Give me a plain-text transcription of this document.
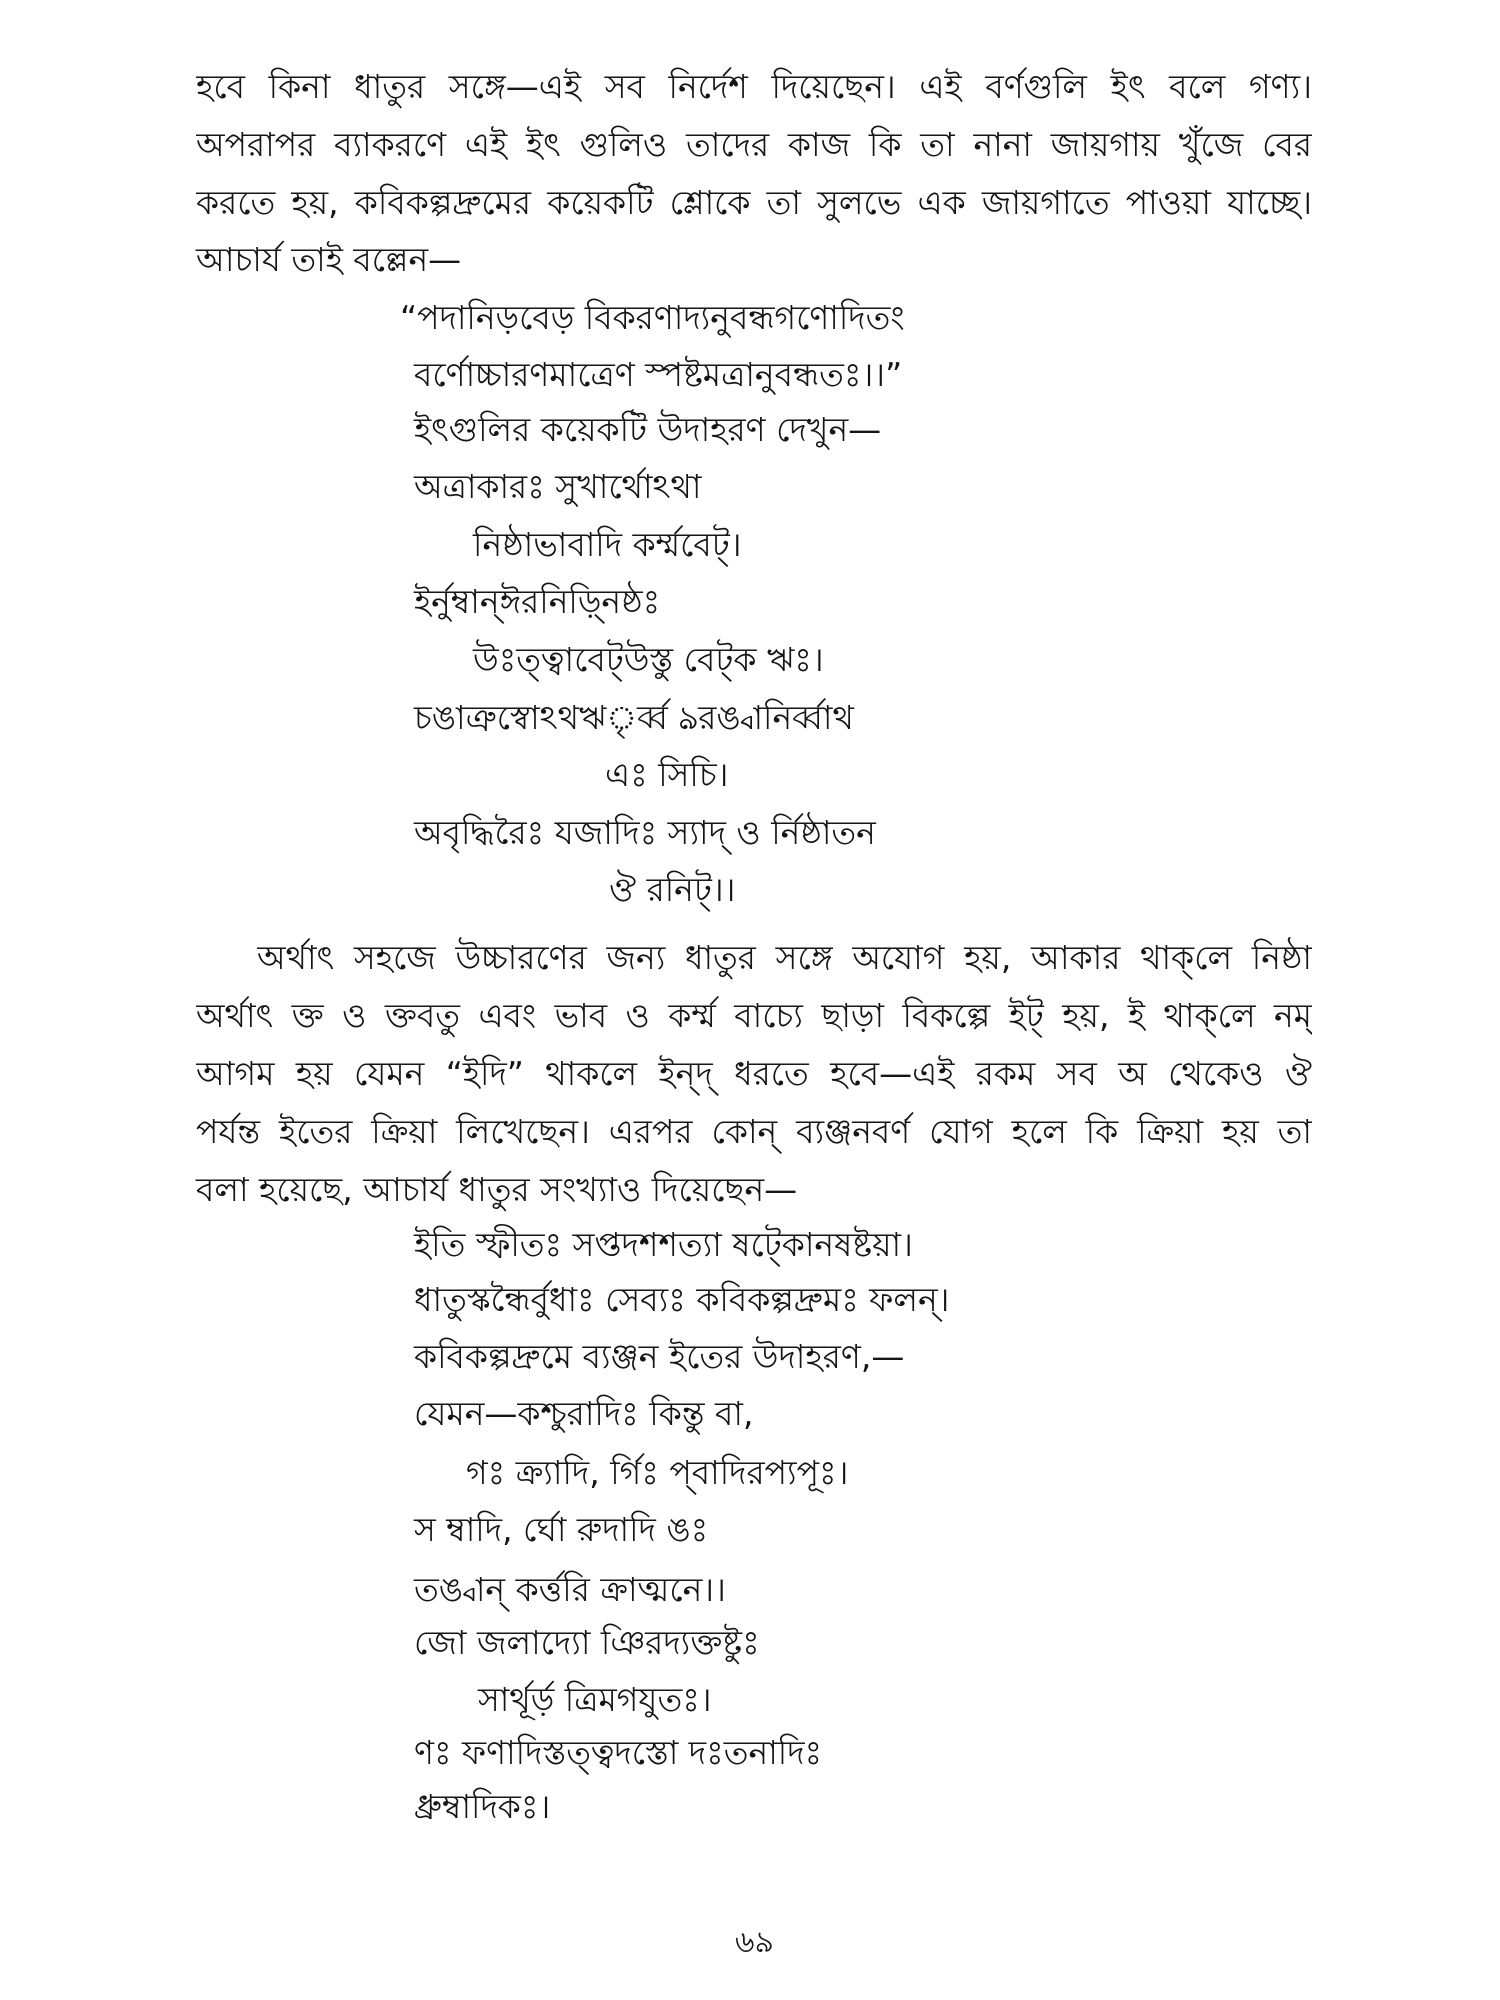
হবে কিনা ধাতুর সঙ্গে—এই সব নির্দেশ দিয়েছেন। এই বর্ণগুলি ইৎ বলে গণ্য।
অপরাপর ব্যাকরণে এই ইৎ গুলিও তাদের কাজ কি তা নানা জায়গায় খুঁজে বের
করতে হয়, কবিকল্পদ্রুমের কয়েকটি শ্লোকে তা সুলভে এক জায়গাতে পাওয়া যাচ্ছে।
আচার্য তাই বল্লেন—
“পদানিড়বেড় বিকরণাদ্যনুবন্ধগণোদিতং
বর্ণোচ্চারণমাত্রেণ স্পষ্টমত্রানুবন্ধতঃ।।”
ইৎগুলির কয়েকটি উদাহরণ দেখুন—
অত্রাকারঃ সুখার্থোঽথা
নিষ্ঠাভাবাদি কর্ম্মবেট্।
ইর্নুম্বান্ঈরনিড়্নিষ্ঠঃ
উঃত্ত্বাবেট্উস্তু বেট্ক ঋঃ।
চঙাত্রুস্বোঽথঋৃর্ব্ব ঌরঙ্বানির্ব্বাথ
এঃ সিচি।
অবৃদ্ধিরৈঃ যজাদিঃ স্যাদ্ ও র্নিষ্ঠাতন
ঔ রনিট্।।
অর্থাৎ সহজে উচ্চারণের জন্য ধাতুর সঙ্গে অযোগ হয়, আকার থাক্‌লে নিষ্ঠা
অর্থাৎ ক্ত ও ক্তবতু এবং ভাব ও কর্ম্ম বাচ্যে ছাড়া বিকল্পে ইট্ হয়, ই থাক্‌লে নম্
আগম হয় যেমন “ইদি” থাকলে ইন্দ্ ধরতে হবে—এই রকম সব অ থেকেও ঔ
পর্যন্ত ইতের ক্রিয়া লিখেছেন। এরপর কোন্ ব্যঞ্জনবর্ণ যোগ হলে কি ক্রিয়া হয় তা
বলা হয়েছে, আচার্য ধাতুর সংখ্যাও দিয়েছেন—
ইতি স্ফীতঃ সপ্তদশশত্যা ষট্কোনষষ্টয়া।
ধাতুস্কন্ধৈর্বুধাঃ সেব্যঃ কবিকল্পদ্রুমঃ ফলন্।
কবিকল্পদ্রুমে ব্যঞ্জন ইতের উদাহরণ,—
যেমন—কশ্চুরাদিঃ কিন্তু বা,
গঃ ক্র্যাদি, র্গিঃ প্‌বাদিরপ্যপূঃ।
স ম্বাদি, র্ঘো রুদাদি ঙঃ
তঙ্বান্ কর্ত্তরি ক্রাত্মনে।।
জো জলাদ্যো ঞিরদ্যক্তষ্টুঃ
সার্থূর্ড় ত্রিমগযুতঃ।
ণঃ ফণাদিস্তত্ত্বদস্তো দঃতনাদিঃ
ধ্রুম্বাদিকঃ।
৬৯
